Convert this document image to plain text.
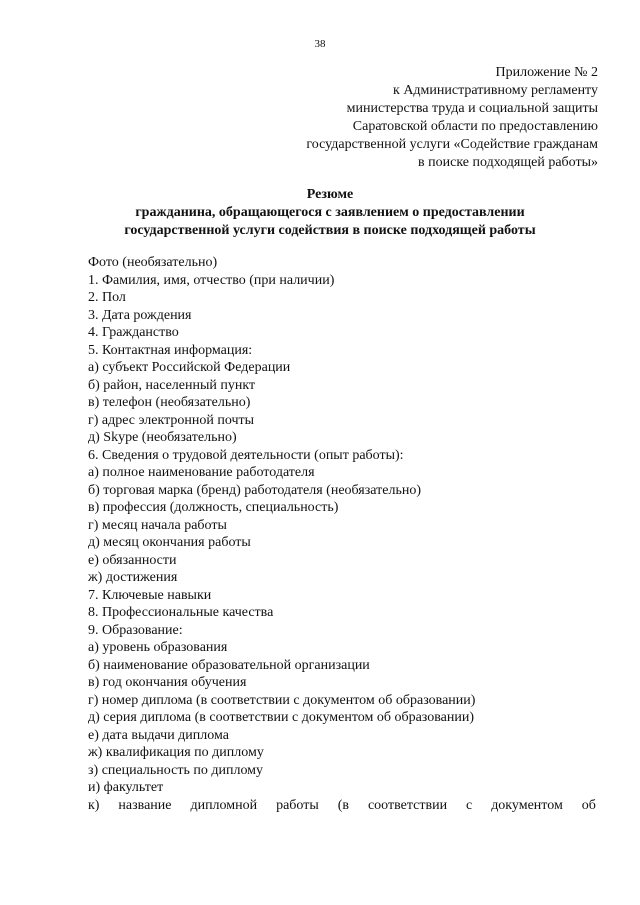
38
Приложение № 2
к Административному регламенту
министерства труда и социальной защиты
Саратовской области по предоставлению
государственной услуги «Содействие гражданам
в поиске подходящей работы»
Резюме
гражданина, обращающегося с заявлением о предоставлении
государственной услуги содействия в поиске подходящей работы
Фото (необязательно)
1. Фамилия, имя, отчество (при наличии)
2. Пол
3. Дата рождения
4. Гражданство
5. Контактная информация:
а) субъект Российской Федерации
б) район, населенный пункт
в) телефон (необязательно)
г) адрес электронной почты
д) Skype (необязательно)
6. Сведения о трудовой деятельности (опыт работы):
а) полное наименование работодателя
б) торговая марка (бренд) работодателя (необязательно)
в) профессия (должность, специальность)
г) месяц начала работы
д) месяц окончания работы
е) обязанности
ж) достижения
7. Ключевые навыки
8. Профессиональные качества
9. Образование:
а) уровень образования
б) наименование образовательной организации
в) год окончания обучения
г) номер диплома (в соответствии с документом об образовании)
д) серия диплома (в соответствии с документом об образовании)
е) дата выдачи диплома
ж) квалификация по диплому
з) специальность по диплому
и) факультет
к) название дипломной работы (в соответствии с документом об
